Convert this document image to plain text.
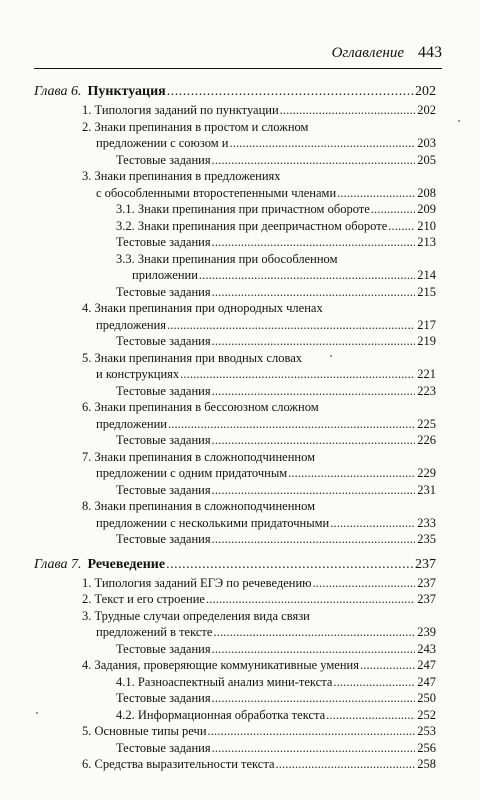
Оглавление 443
Глава 6. Пунктуация . . .	202
1. Типология заданий по пунктуации . . .	202
2. Знаки препинания в простом и сложном
предложении с союзом и . . .	203
Тестовые задания . . .	205
3. Знаки препинания в предложениях
с обособленными второстепенными членами . . .	208
3.1. Знаки препинания при причастном обороте . . .	209
3.2. Знаки препинания при деепричастном обороте . . . 210
Тестовые задания . . .	213
3.3. Знаки препинания при обособленном
приложении . . .	214
Тестовые задания . . .	215
4. Знаки препинания при однородных членах
предложения . . .	217
Тестовые задания . . .	219
5. Знаки препинания при вводных словах
и конструкциях . . .	221
Тестовые задания . . .	223
6. Знаки препинания в бессоюзном сложном
предложении . . .	225
Тестовые задания . . .	226
7. Знаки препинания в сложноподчиненном
предложении с одним придаточным . . .	229
Тестовые задания . . .	231
8. Знаки препинания в сложноподчиненном
предложении с несколькими придаточными . . .	233
Тестовые задания . . .	235
Глава 7. Речеведение . . .	237
1. Типология заданий ЕГЭ по речеведению . . .	237
2. Текст и его строение . . .	237
3. Трудные случаи определения вида связи
предложений в тексте . . .	239
Тестовые задания . . .	243
4. Задания, проверяющие коммуникативные умения . . .	247
4.1. Разноаспектный анализ мини-текста . . .	247
Тестовые задания . . .	250
4.2. Информационная обработка текста . . .	252
5. Основные типы речи . . .	253
Тестовые задания . . .	256
6. Средства выразительности текста . . .	258
